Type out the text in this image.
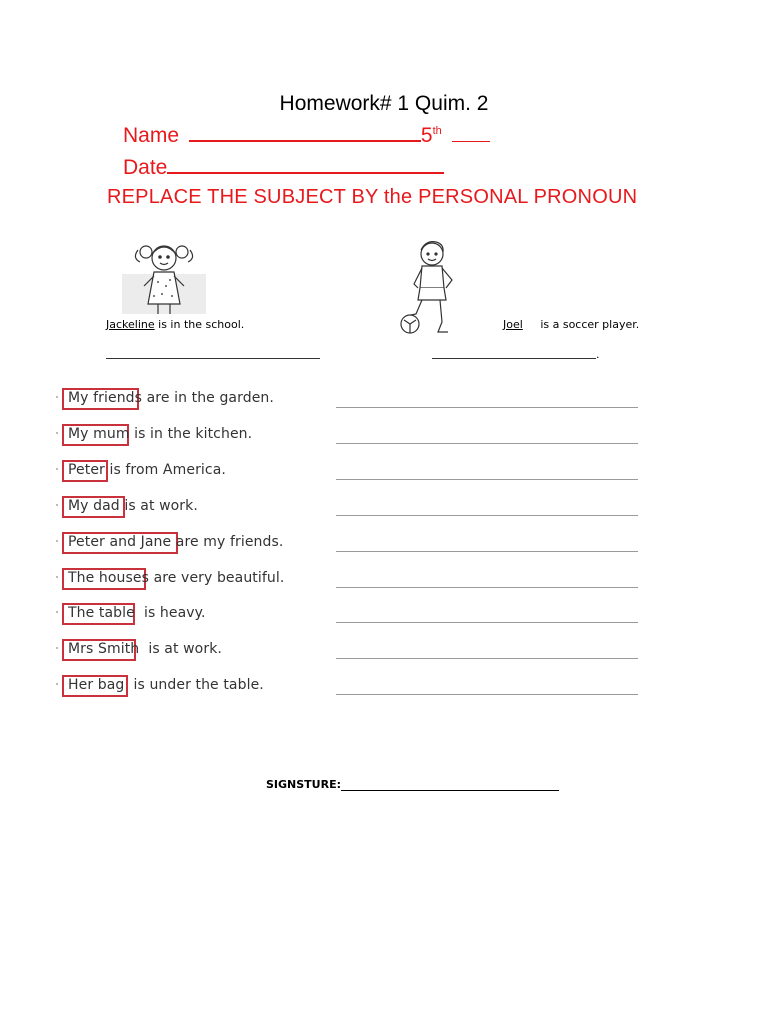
Homework# 1 Quim. 2
Name	5th
Date
REPLACE THE SUBJECT BY the PERSONAL PRONOUN
Jackeline is in the school.	Joel is a soccer player.
.
My friends are in the garden.
My mum is in the kitchen.
Peter is from America.
My dad is at work.
Peter and Jane are my friends.
The houses are very beautiful.
The table  is heavy.
Mrs Smith  is at work.
Her bag  is under the table.
SIGNSTURE:
